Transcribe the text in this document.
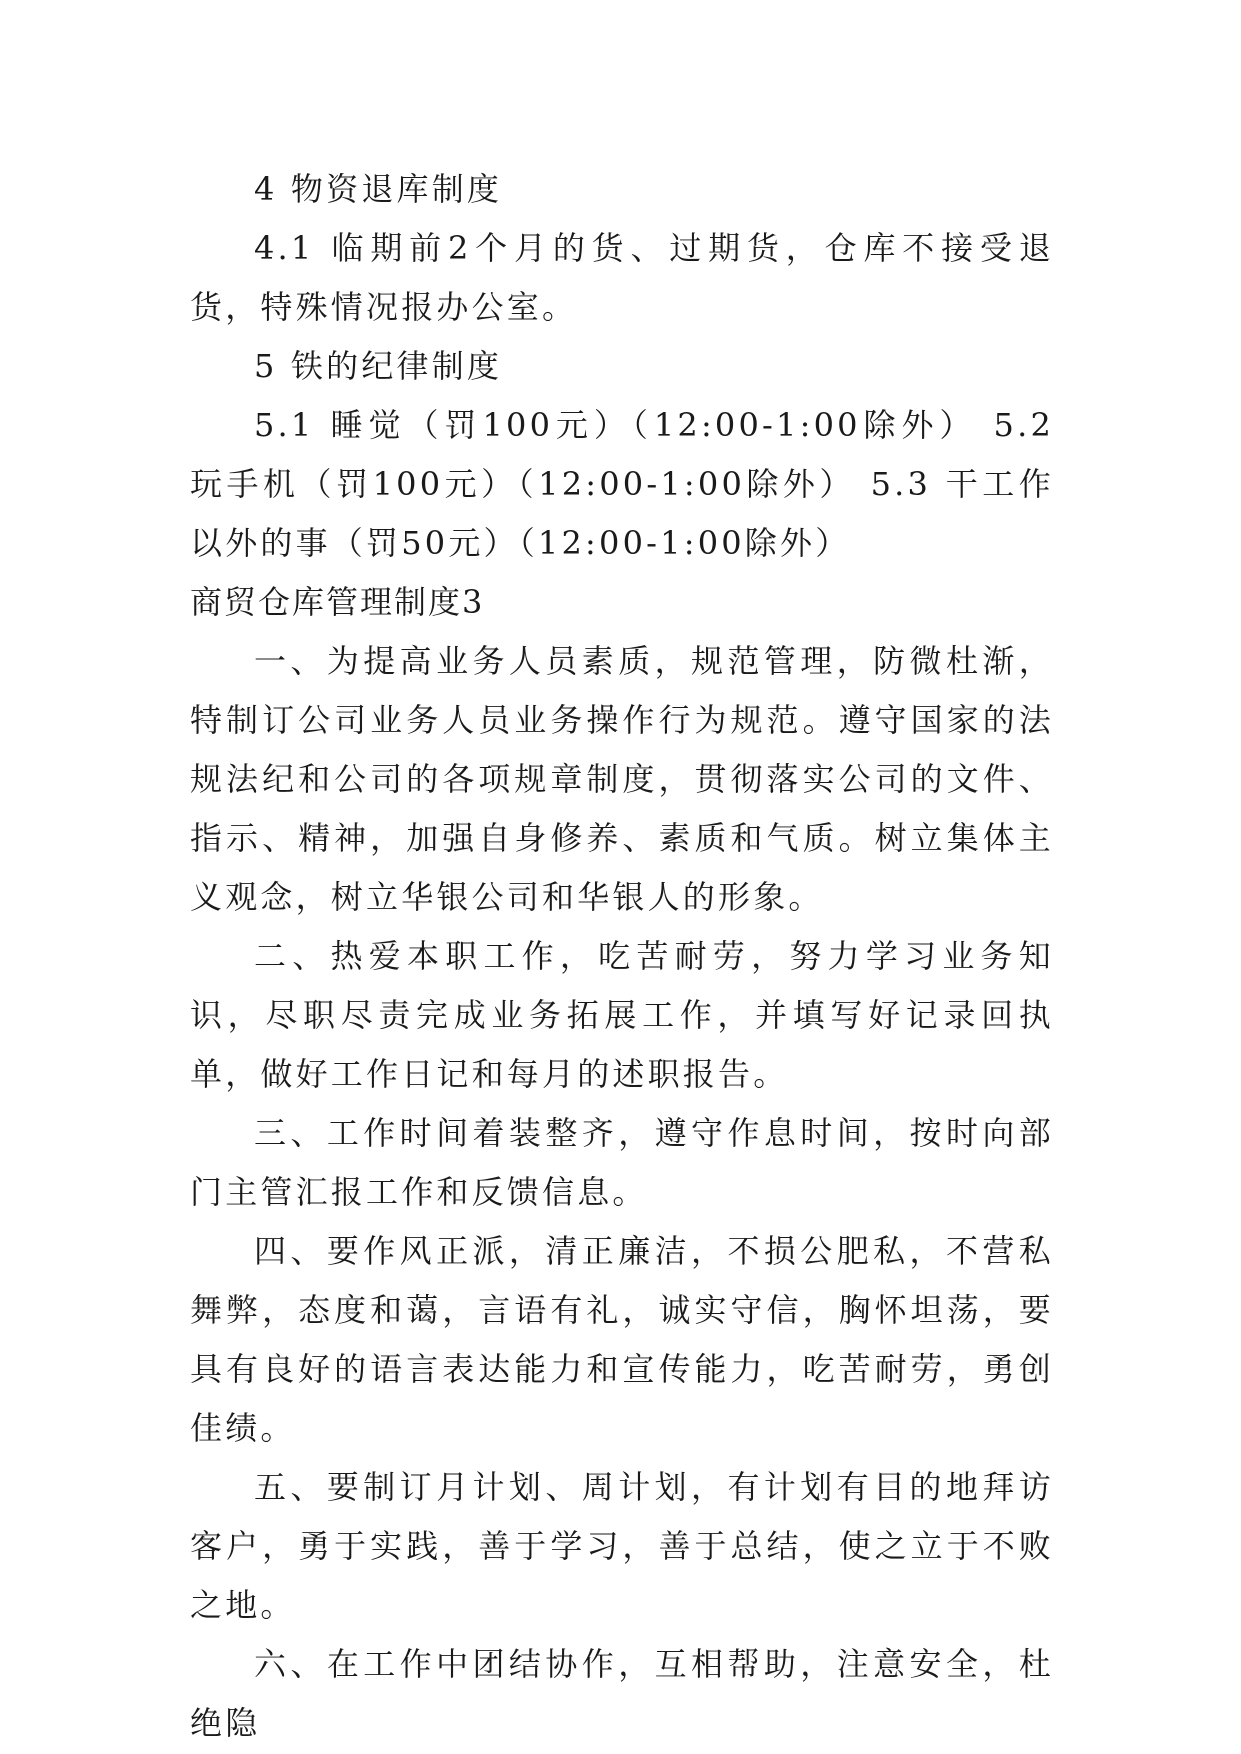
4 物资退库制度

4.1 临期前2个月的货、过期货，仓库不接受退货，特殊情况报办公室。

5 铁的纪律制度

5.1 睡觉（罚100元）（12:00-1:00除外） 5.2 玩手机（罚100元）（12:00-1:00除外） 5.3 干工作以外的事（罚50元）（12:00-1:00除外）

商贸仓库管理制度3

一、为提高业务人员素质，规范管理，防微杜渐，特制订公司业务人员业务操作行为规范。遵守国家的法规法纪和公司的各项规章制度，贯彻落实公司的文件、指示、精神，加强自身修养、素质和气质。树立集体主义观念，树立华银公司和华银人的形象。

二、热爱本职工作，吃苦耐劳，努力学习业务知识，尽职尽责完成业务拓展工作，并填写好记录回执单，做好工作日记和每月的述职报告。

三、工作时间着装整齐，遵守作息时间，按时向部门主管汇报工作和反馈信息。

四、要作风正派，清正廉洁，不损公肥私，不营私舞弊，态度和蔼，言语有礼，诚实守信，胸怀坦荡，要具有良好的语言表达能力和宣传能力，吃苦耐劳，勇创佳绩。

五、要制订月计划、周计划，有计划有目的地拜访客户，勇于实践，善于学习，善于总结，使之立于不败之地。

六、在工作中团结协作，互相帮助，注意安全，杜绝隐
